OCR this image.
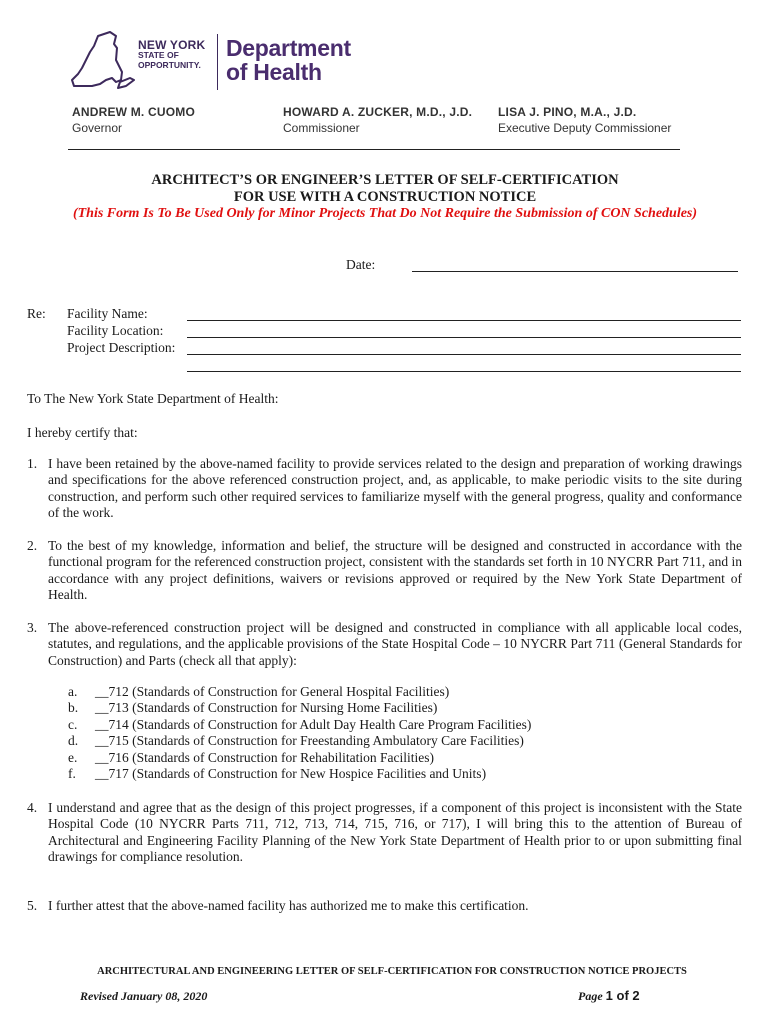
NEW YORK
STATE OF
OPPORTUNITY.
Department
of Health
ANDREW M. CUOMO
Governor
HOWARD A. ZUCKER, M.D., J.D.
Commissioner
LISA J. PINO, M.A., J.D.
Executive Deputy Commissioner
ARCHITECT’S OR ENGINEER’S LETTER OF SELF-CERTIFICATION
FOR USE WITH A CONSTRUCTION NOTICE
(This Form Is To Be Used Only for Minor Projects That Do Not Require the Submission of CON Schedules)
Date:
Re: Facility Name:
Facility Location:
Project Description:
To The New York State Department of Health:
I hereby certify that:
1. I have been retained by the above-named facility to provide services related to the design and preparation of working drawings and specifications for the above referenced construction project, and, as applicable, to make periodic visits to the site during construction, and perform such other required services to familiarize myself with the general progress, quality and conformance of the work.
2. To the best of my knowledge, information and belief, the structure will be designed and constructed in accordance with the functional program for the referenced construction project, consistent with the standards set forth in 10 NYCRR Part 711, and in accordance with any project definitions, waivers or revisions approved or required by the New York State Department of Health.
3. The above-referenced construction project will be designed and constructed in compliance with all applicable local codes, statutes, and regulations, and the applicable provisions of the State Hospital Code – 10 NYCRR Part 711 (General Standards for Construction) and Parts (check all that apply):
a.	__712 (Standards of Construction for General Hospital Facilities)
b.	__713 (Standards of Construction for Nursing Home Facilities)
c.	__714 (Standards of Construction for Adult Day Health Care Program Facilities)
d.	__715 (Standards of Construction for Freestanding Ambulatory Care Facilities)
e.	__716 (Standards of Construction for Rehabilitation Facilities)
f.	__717 (Standards of Construction for New Hospice Facilities and Units)
4. I understand and agree that as the design of this project progresses, if a component of this project is inconsistent with the State Hospital Code (10 NYCRR Parts 711, 712, 713, 714, 715, 716, or 717), I will bring this to the attention of Bureau of Architectural and Engineering Facility Planning of the New York State Department of Health prior to or upon submitting final drawings for compliance resolution.
5. I further attest that the above-named facility has authorized me to make this certification.
ARCHITECTURAL AND ENGINEERING LETTER OF SELF-CERTIFICATION FOR CONSTRUCTION NOTICE PROJECTS
Revised January 08, 2020	Page 1 of 2
